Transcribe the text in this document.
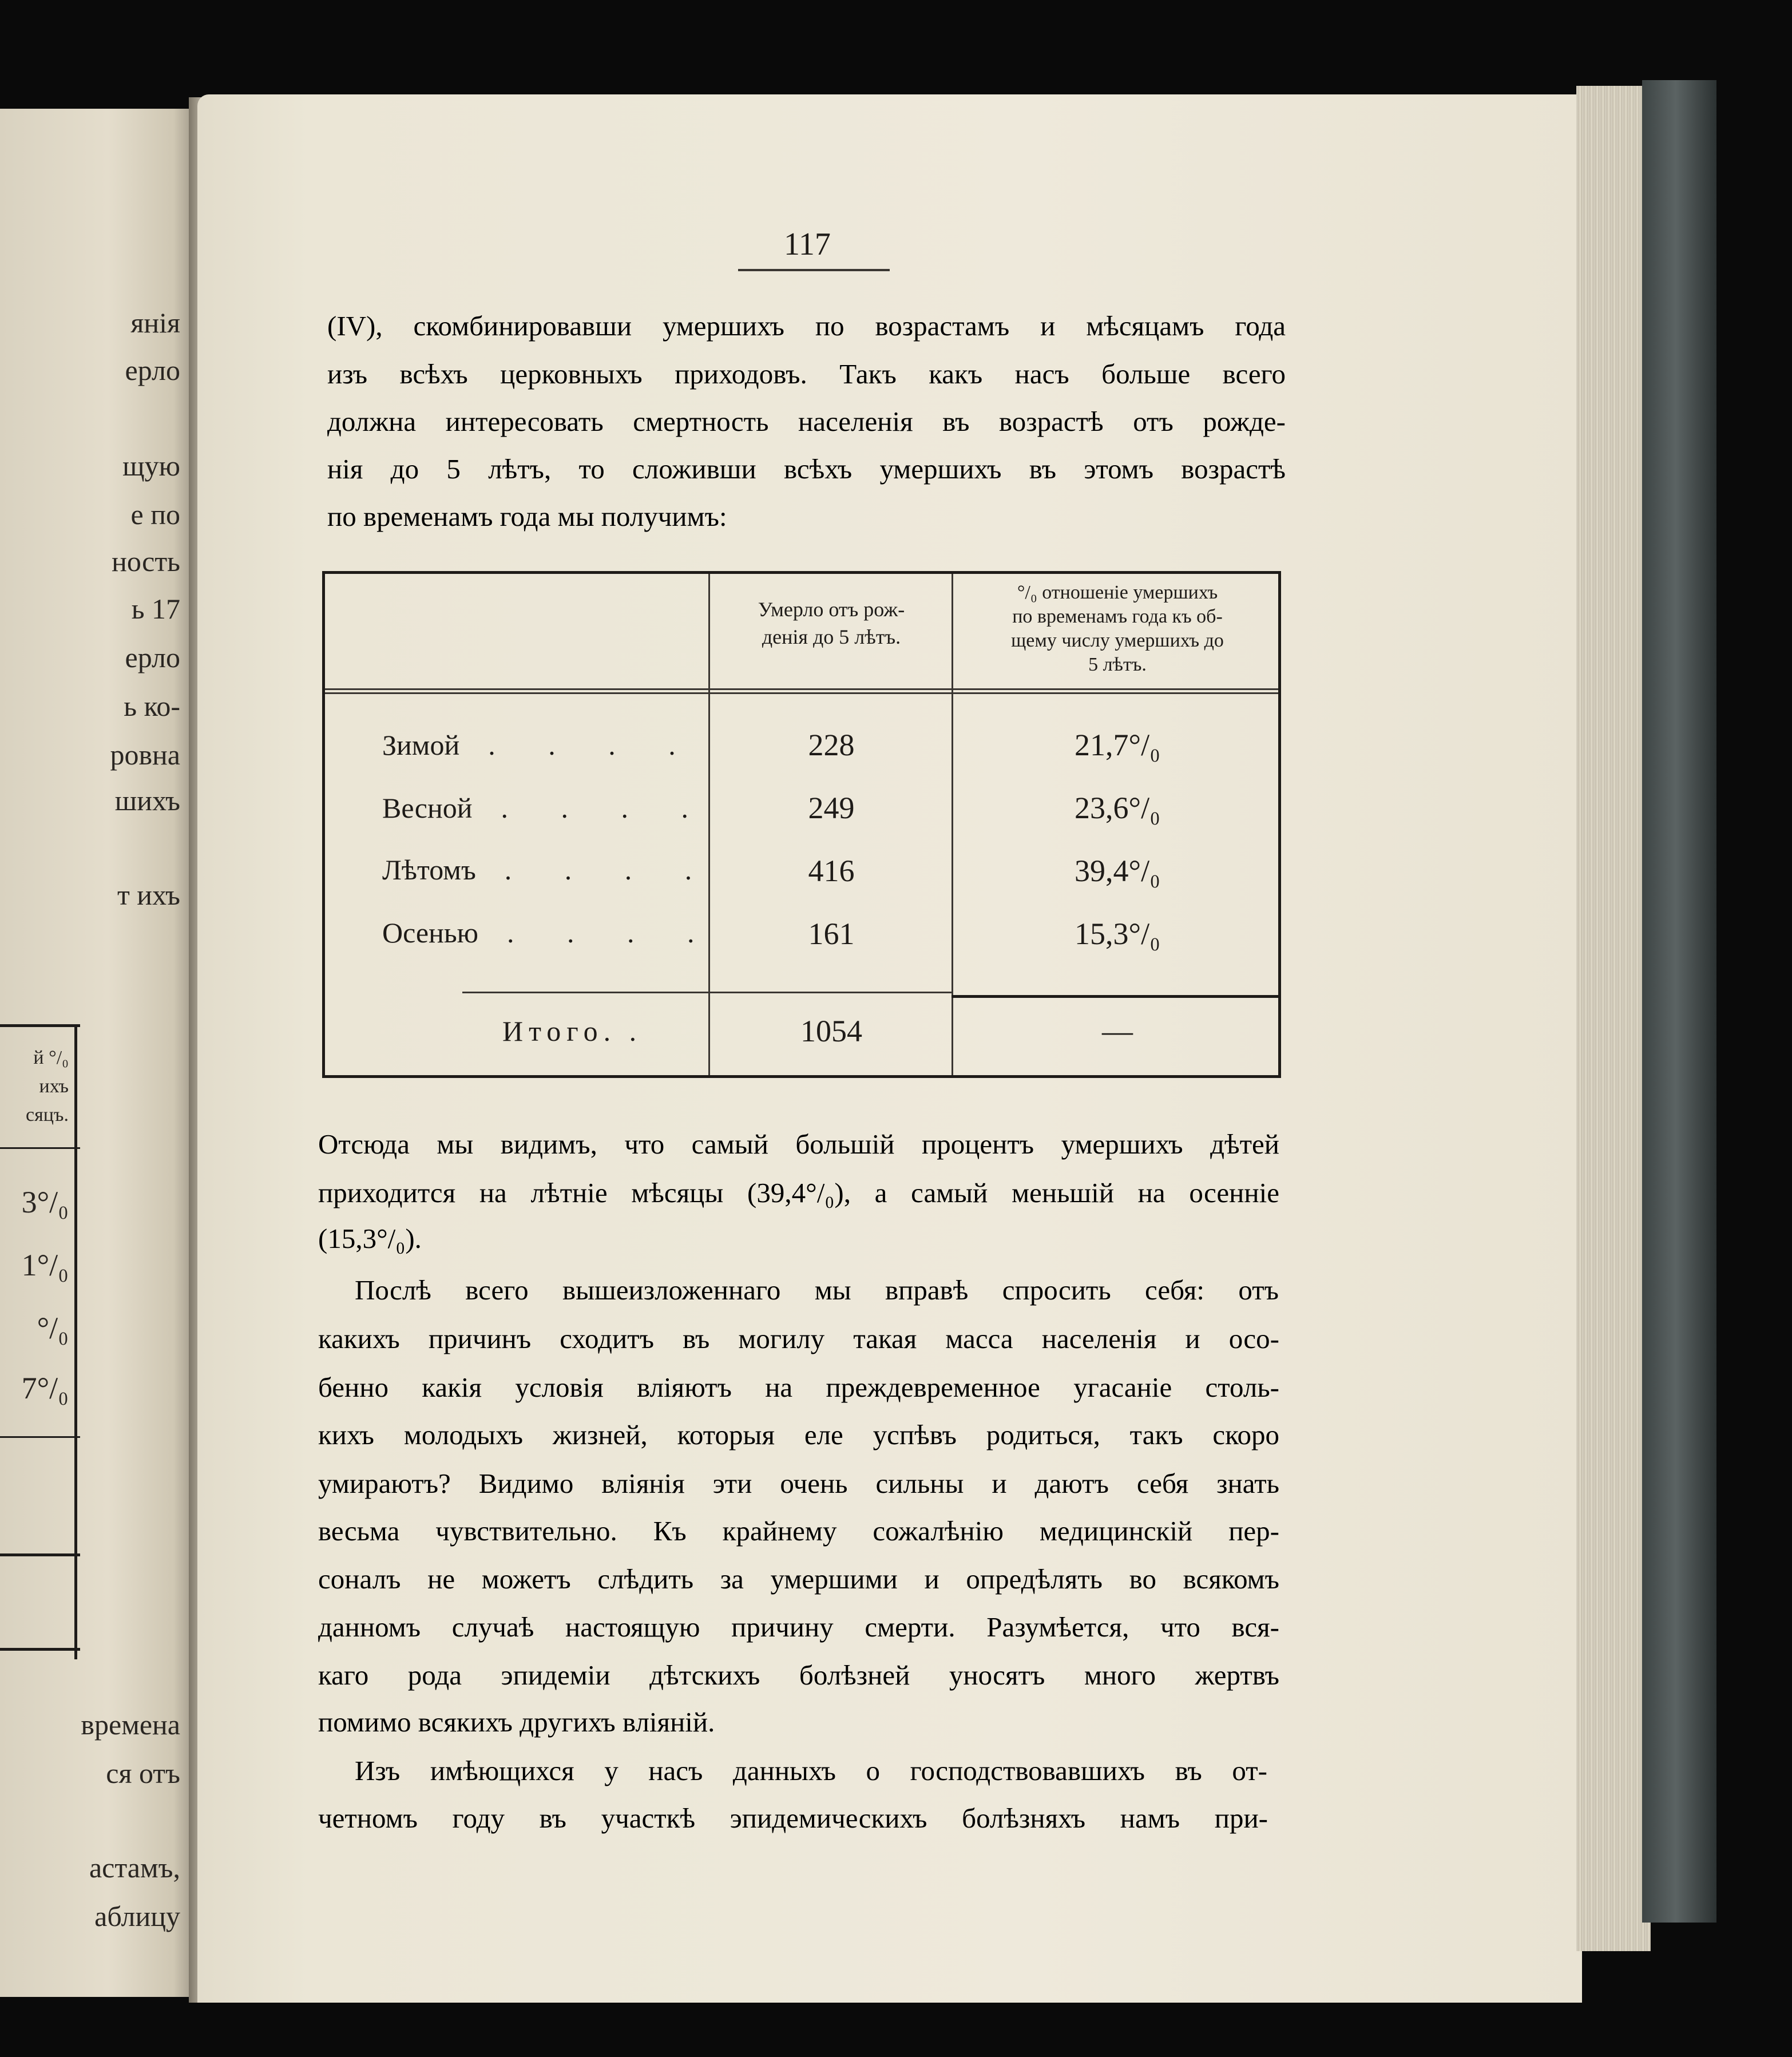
янія
ерло
щую
е по
ность
ь 17
ерло
ь ко-
ровна
шихъ
т ихъ
й °/₀
ихъ
сяцъ.
3°/₀
1°/₀
°/₀
7°/₀
времена
ся отъ
астамъ,
аблицу
117
(IV), скомбинировавши умершихъ по возрастамъ и мѣсяцамъ года
изъ всѣхъ церковныхъ приходовъ. Такъ какъ насъ больше всего
должна интересовать смертность населенія въ возрастѣ отъ рожде-
нія до 5 лѣтъ, то сложивши всѣхъ умершихъ въ этомъ возрастѣ
по временамъ года мы получимъ:
Умерло отъ рож-
денія до 5 лѣтъ.
°/₀ отношеніе умершихъ
по временамъ года къ об-
щему числу умершихъ до
5 лѣтъ.
Зимой . . . .	228	21,7°/₀
Весной . . . .	249	23,6°/₀
Лѣтомъ . . . .	416	39,4°/₀
Осенью . . . .	161	15,3°/₀
Итого. .	1054	—
Отсюда мы видимъ, что самый большій процентъ умершихъ дѣтей
приходится на лѣтніе мѣсяцы (39,4°/₀), а самый меньшій на осенніе
(15,3°/₀).
Послѣ всего вышеизложеннаго мы вправѣ спросить себя: отъ
какихъ причинъ сходитъ въ могилу такая масса населенія и осо-
бенно какія условія вліяютъ на преждевременное угасаніе столь-
кихъ молодыхъ жизней, которыя еле успѣвъ родиться, такъ скоро
умираютъ? Видимо вліянія эти очень сильны и даютъ себя знать
весьма чувствительно. Къ крайнему сожалѣнію медицинскій пер-
соналъ не можетъ слѣдить за умершими и опредѣлять во всякомъ
данномъ случаѣ настоящую причину смерти. Разумѣется, что вся-
каго рода эпидеміи дѣтскихъ болѣзней уносятъ много жертвъ
помимо всякихъ другихъ вліяній.
Изъ имѣющихся у насъ данныхъ о господствовавшихъ въ от-
четномъ году въ участкѣ эпидемическихъ болѣзняхъ намъ при-
